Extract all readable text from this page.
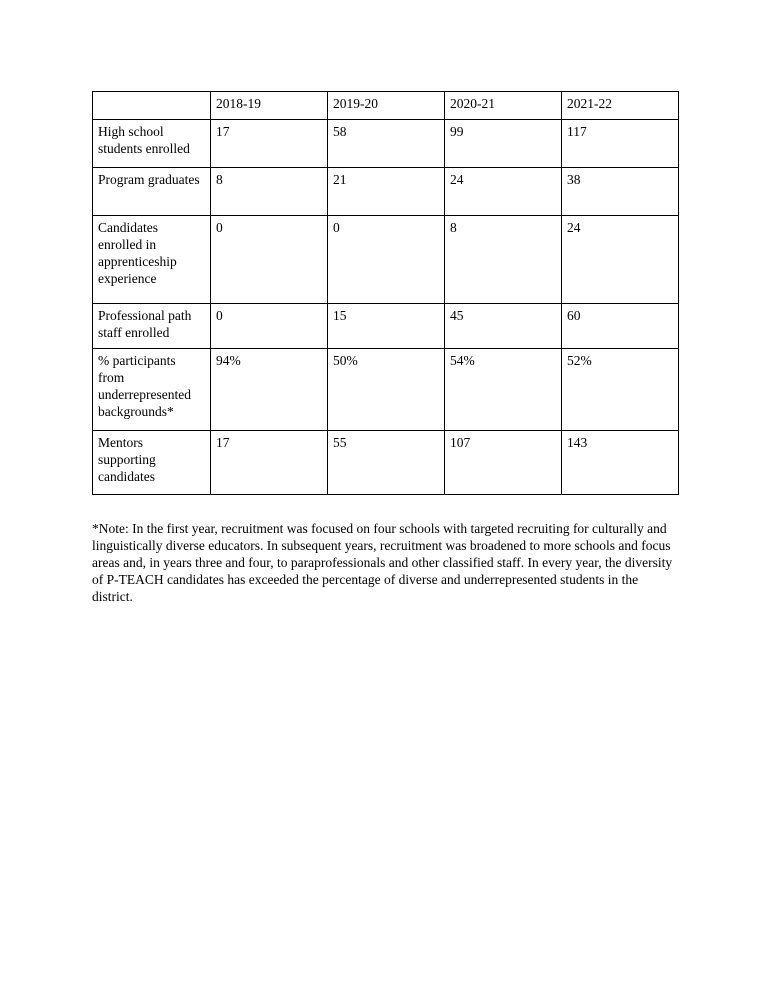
	2018-19	2019-20	2020-21	2021-22
High school students enrolled	17	58	99	117
Program graduates	8	21	24	38
Candidates enrolled in apprenticeship experience	0	0	8	24
Professional path staff enrolled	0	15	45	60
% participants from underrepresented backgrounds*	94%	50%	54%	52%
Mentors supporting candidates	17	55	107	143

*Note: In the first year, recruitment was focused on four schools with targeted recruiting for culturally and linguistically diverse educators. In subsequent years, recruitment was broadened to more schools and focus areas and, in years three and four, to paraprofessionals and other classified staff. In every year, the diversity of P-TEACH candidates has exceeded the percentage of diverse and underrepresented students in the district.
